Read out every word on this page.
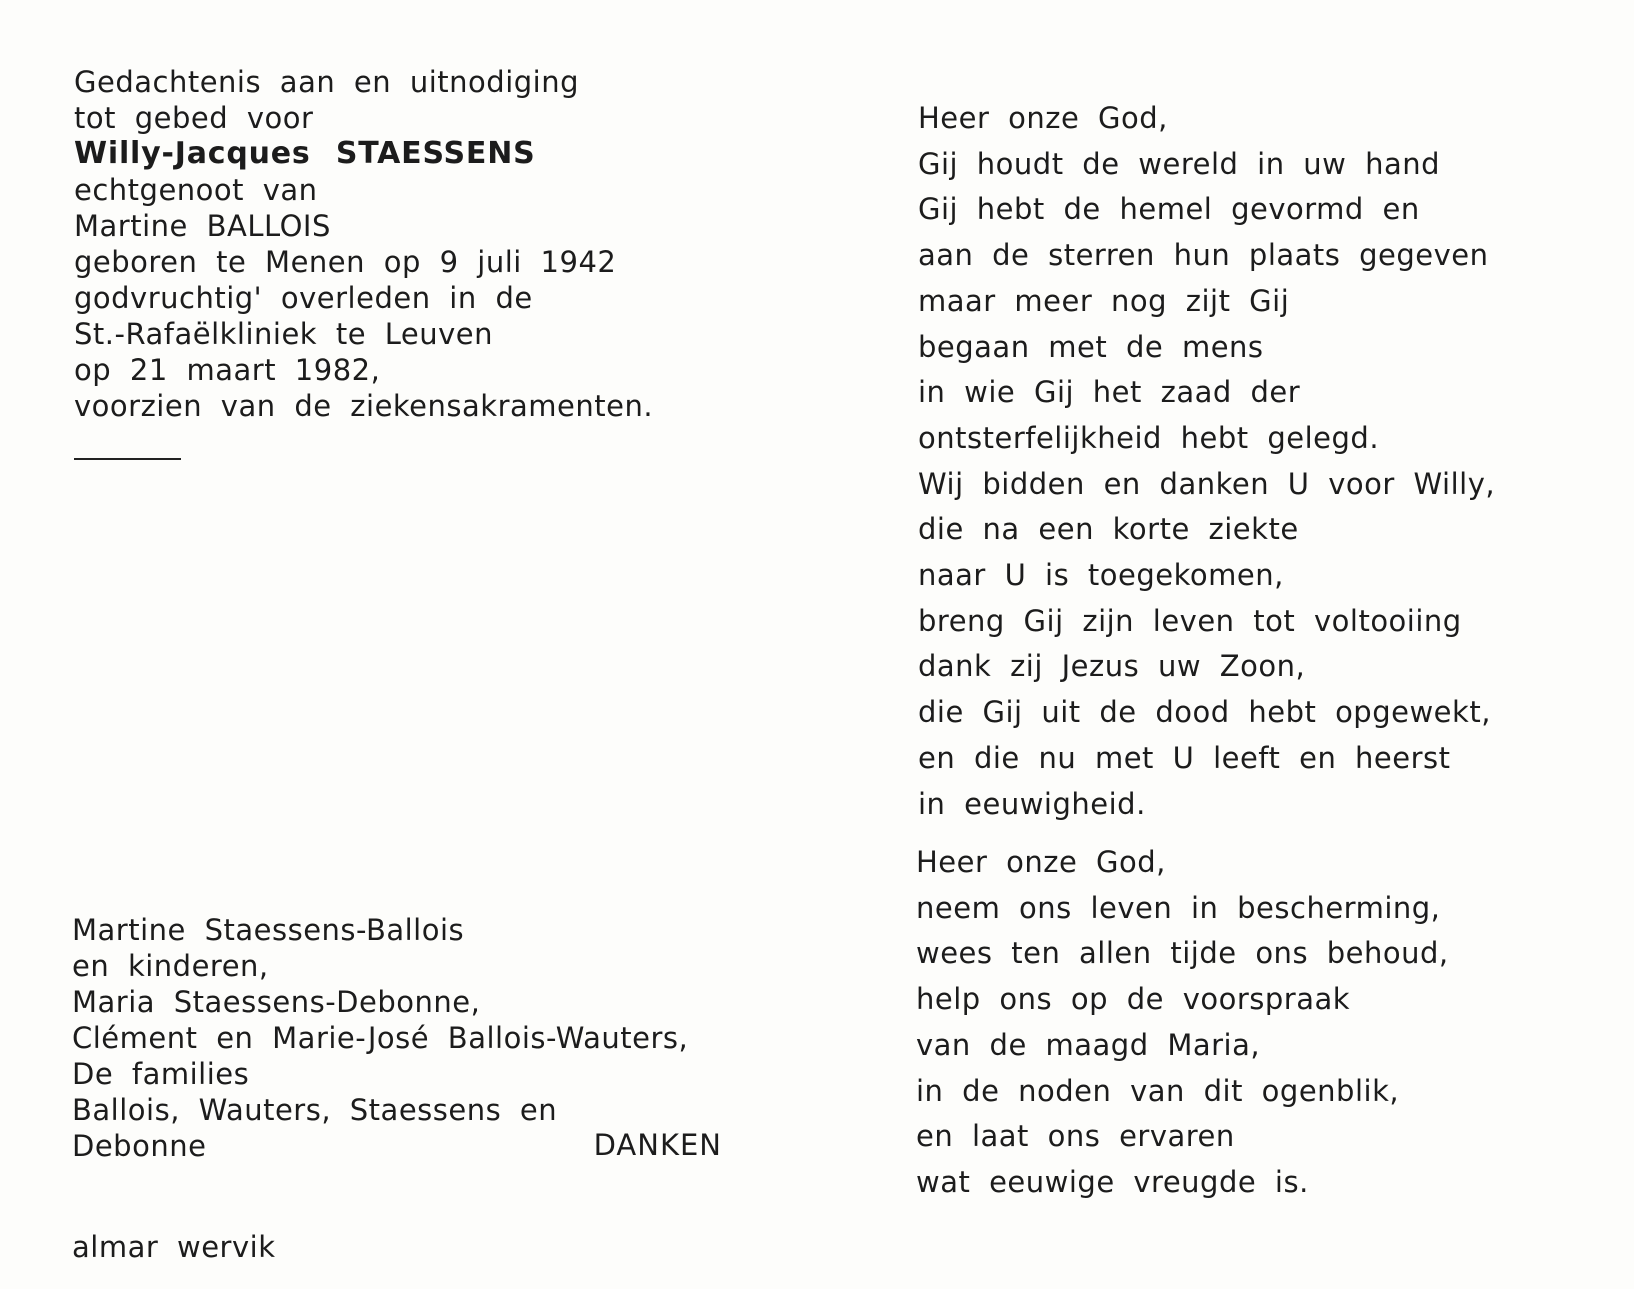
Gedachtenis aan en uitnodiging
tot gebed voor
Willy-Jacques STAESSENS
echtgenoot van
Martine BALLOIS
geboren te Menen op 9 juli 1942
godvruchtig' overleden in de
St.-Rafaëlkliniek te Leuven
op 21 maart 1982,
voorzien van de ziekensakramenten.
Martine Staessens-Ballois
en kinderen,
Maria Staessens-Debonne,
Clément en Marie-José Ballois-Wauters,
De families
Ballois, Wauters, Staessens en
Debonne	DANKEN
almar wervik
Heer onze God,
Gij houdt de wereld in uw hand
Gij hebt de hemel gevormd en
aan de sterren hun plaats gegeven
maar meer nog zijt Gij
begaan met de mens
in wie Gij het zaad der
ontsterfelijkheid hebt gelegd.
Wij bidden en danken U voor Willy,
die na een korte ziekte
naar U is toegekomen,
breng Gij zijn leven tot voltooiing
dank zij Jezus uw Zoon,
die Gij uit de dood hebt opgewekt,
en die nu met U leeft en heerst
in eeuwigheid.
Heer onze God,
neem ons leven in bescherming,
wees ten allen tijde ons behoud,
help ons op de voorspraak
van de maagd Maria,
in de noden van dit ogenblik,
en laat ons ervaren
wat eeuwige vreugde is.
